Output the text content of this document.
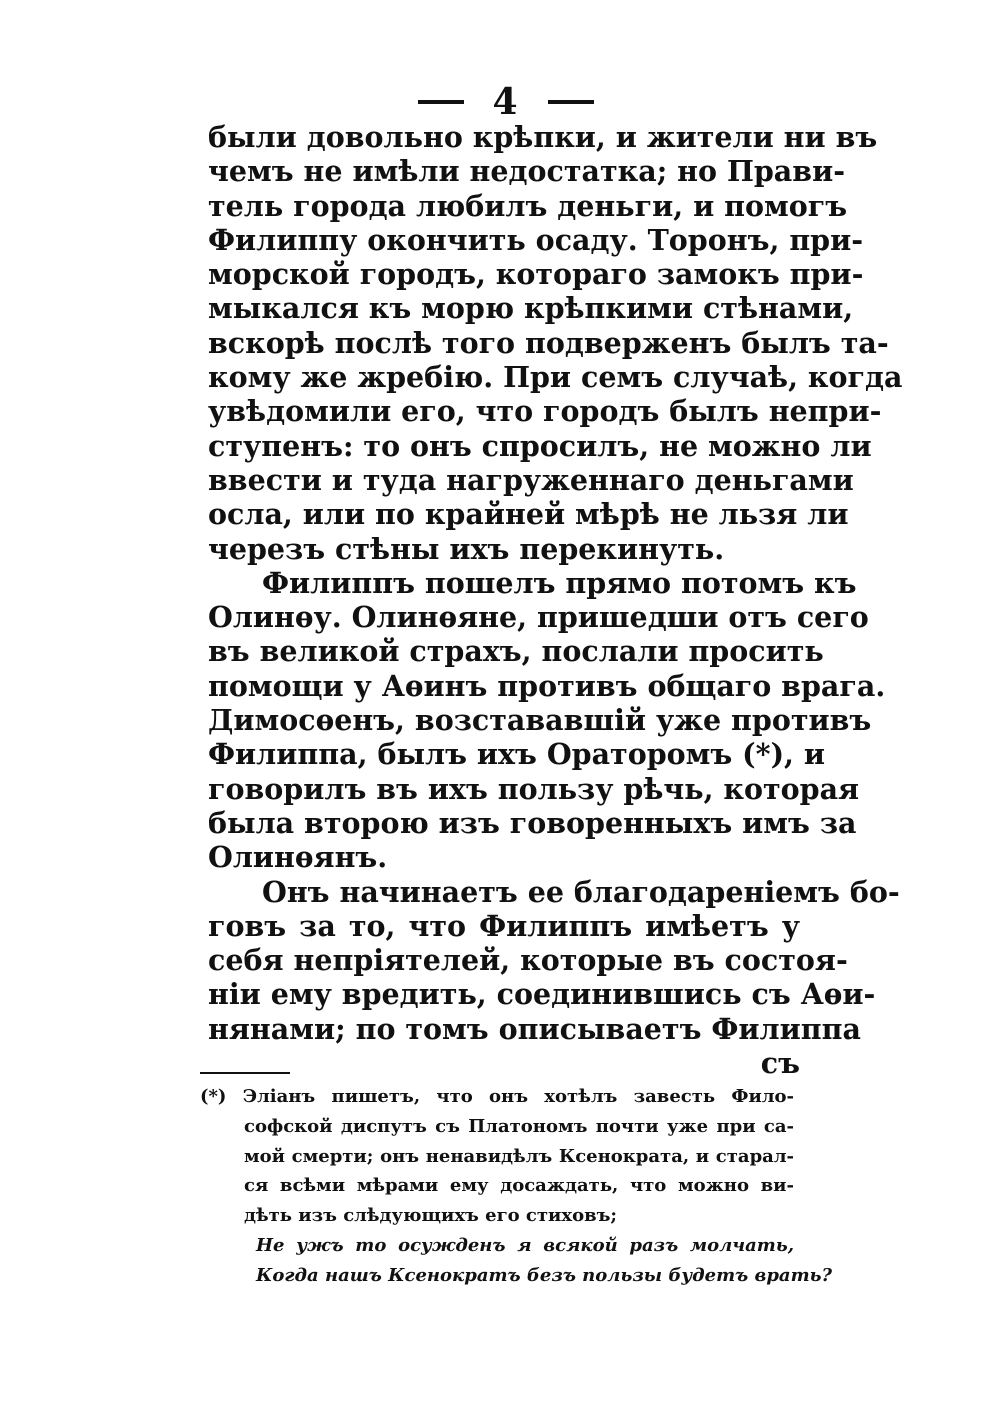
4
были довольно крѣпки, и жители ни въ
чемъ не имѣли недостатка; но Прави-
тель города любилъ деньги, и помогъ
Филиппу окончить осаду. Торонъ, при-
морской городъ, котораго замокъ при-
мыкался къ морю крѣпкими стѣнами,
вскорѣ послѣ того подверженъ былъ та-
кому же жребію. При семъ случаѣ, когда
увѣдомили его, что городъ былъ непри-
ступенъ: то онъ спросилъ, не можно ли
ввести и туда нагруженнаго деньгами
осла, или по крайней мѣрѣ не льзя ли
черезъ стѣны ихъ перекинуть.
Филиппъ пошелъ прямо потомъ къ
Олинѳу. Олинѳяне, пришедши отъ сего
въ великой страхъ, послали просить
помощи у Аѳинъ противъ общаго врага.
Димосѳенъ, возстававшій уже противъ
Филиппа, былъ ихъ Ораторомъ (*), и
говорилъ въ ихъ пользу рѣчь, которая
была второю изъ говоренныхъ имъ за
Олинѳянъ.
Онъ начинаетъ ее благодареніемъ бо-
говъ за то, что Филиппъ имѣетъ у
себя непріятелей, которые въ состоя-
ніи ему вредить, соединившись съ Аѳи-
нянами; по томъ описываетъ Филиппа
съ
(*) Эліанъ пишетъ, что онъ хотѣлъ завесть Фило-
софской диспутъ съ Платономъ почти уже при са-
мой смерти; онъ ненавидѣлъ Ксенократа, и старал-
ся всѣми мѣрами ему досаждать, что можно ви-
дѣть изъ слѣдующихъ его стиховъ;
Не ужъ то осужденъ я всякой разъ молчать,
Когда нашъ Ксенократъ безъ пользы будетъ врать?
